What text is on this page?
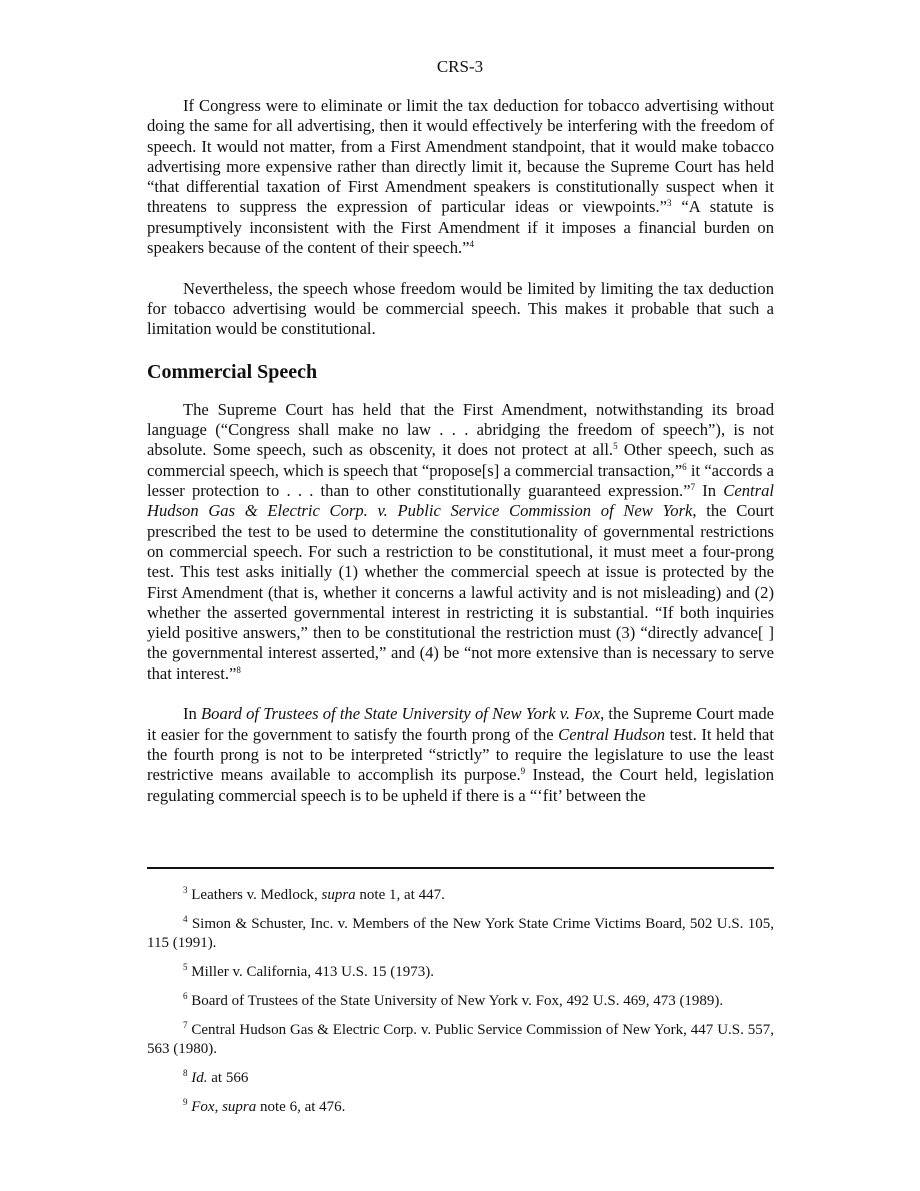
CRS-3

If Congress were to eliminate or limit the tax deduction for tobacco advertising without doing the same for all advertising, then it would effectively be interfering with the freedom of speech. It would not matter, from a First Amendment standpoint, that it would make tobacco advertising more expensive rather than directly limit it, because the Supreme Court has held “that differential taxation of First Amendment speakers is constitutionally suspect when it threatens to suppress the expression of particular ideas or viewpoints.”$^3$ “A statute is presumptively inconsistent with the First Amendment if it imposes a financial burden on speakers because of the content of their speech.”$^4$

Nevertheless, the speech whose freedom would be limited by limiting the tax deduction for tobacco advertising would be commercial speech. This makes it probable that such a limitation would be constitutional.

Commercial Speech

The Supreme Court has held that the First Amendment, notwithstanding its broad language (“Congress shall make no law . . . abridging the freedom of speech”), is not absolute. Some speech, such as obscenity, it does not protect at all.$^5$ Other speech, such as commercial speech, which is speech that “propose[s] a commercial transaction,”$^6$ it “accords a lesser protection to . . . than to other constitutionally guaranteed expression.”$^7$ In Central Hudson Gas & Electric Corp. v. Public Service Commission of New York, the Court prescribed the test to be used to determine the constitutionality of governmental restrictions on commercial speech. For such a restriction to be constitutional, it must meet a four-prong test. This test asks initially (1) whether the commercial speech at issue is protected by the First Amendment (that is, whether it concerns a lawful activity and is not misleading) and (2) whether the asserted governmental interest in restricting it is substantial. “If both inquiries yield positive answers,” then to be constitutional the restriction must (3) “directly advance[ ] the governmental interest asserted,” and (4) be “not more extensive than is necessary to serve that interest.”$^8$

In Board of Trustees of the State University of New York v. Fox, the Supreme Court made it easier for the government to satisfy the fourth prong of the Central Hudson test. It held that the fourth prong is not to be interpreted “strictly” to require the legislature to use the least restrictive means available to accomplish its purpose.$^9$ Instead, the Court held, legislation regulating commercial speech is to be upheld if there is a “‘fit’ between the

$^3$ Leathers v. Medlock, supra note 1, at 447.

$^4$ Simon & Schuster, Inc. v. Members of the New York State Crime Victims Board, 502 U.S. 105, 115 (1991).

$^5$ Miller v. California, 413 U.S. 15 (1973).

$^6$ Board of Trustees of the State University of New York v. Fox, 492 U.S. 469, 473 (1989).

$^7$ Central Hudson Gas & Electric Corp. v. Public Service Commission of New York, 447 U.S. 557, 563 (1980).

$^8$ Id. at 566

$^9$ Fox, supra note 6, at 476.
